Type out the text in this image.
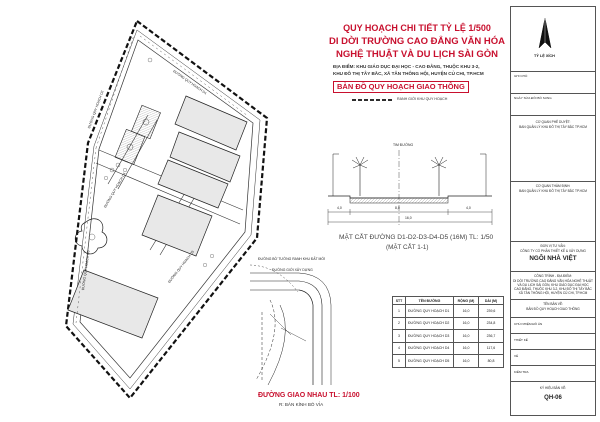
ĐƯỜNG QUY HOẠCH D1
ĐƯỜNG QUY HOẠCH D2
ĐƯỜNG QUY HOẠCH D3
ĐƯỜNG QUY HOẠCH D4
ĐƯỜNG QUY HOẠCH D5
QUY HOẠCH CHI TIẾT TỶ LỆ 1/500
DI DỜI TRƯỜNG CAO ĐẲNG VĂN HÓA
NGHỆ THUẬT VÀ DU LỊCH SÀI GÒN
ĐỊA ĐIỂM: KHU GIÁO DỤC ĐẠI HỌC - CAO ĐẲNG, THUỘC KHU 3-2,
KHU ĐÔ THỊ TÂY BẮC, XÃ TÂN THÔNG HỘI, HUYỆN CỦ CHI, TP.HCM
BẢN ĐỒ QUY HOẠCH GIAO THÔNG
RANH GIỚI KHU QUY HOẠCH
TIM ĐƯỜNG
4,0	8,0	4,0
16,0
MẶT CẮT ĐƯỜNG D1-D2-D3-D4-D5 (16M) TL: 1/50
(MẶT CẮT 1-1)
ĐƯỜNG BỜ TƯỜNG RANH KHU ĐẤT MỚI
ĐƯỜNG GIỚI XÂY DỰNG
ĐƯỜNG GIAO NHAU TL: 1/100
R: BÁN KÍNH BÓ VỈA
STT	TÊN ĐƯỜNG	RỘNG (M)	DÀI (M)
1	ĐƯỜNG QUY HOẠCH D1	16,0	239,6
2	ĐƯỜNG QUY HOẠCH D2	16,0	234,8
3	ĐƯỜNG QUY HOẠCH D3	16,0	236,7
4	ĐƯỜNG QUY HOẠCH D4	16,0	117,6
5	ĐƯỜNG QUY HOẠCH D5	16,0	80,8
TỶ LỆ XÍCH
GHI CHÚ:
NGÀY SỬA ĐỔI BỔ SUNG
CƠ QUAN PHÊ DUYỆT:
BAN QUẢN LÝ KHU ĐÔ THỊ TÂY BẮC TP.HCM
CƠ QUAN THẨM ĐỊNH:
BAN QUẢN LÝ KHU ĐÔ THỊ TÂY BẮC TP.HCM
ĐƠN VỊ TƯ VẤN:
CÔNG TY CỔ PHẦN THIẾT KẾ & XÂY DỰNG
NGÔI NHÀ VIỆT
CÔNG TRÌNH - ĐỊA ĐIỂM:
DI DỜI TRƯỜNG CAO ĐẲNG VĂN HÓA NGHỆ THUẬT
VÀ DU LỊCH SÀI GÒN, KHU GIÁO DỤC ĐẠI HỌC
CAO ĐẲNG, THUỘC KHU 3-2, KHU ĐÔ THỊ TÂY BẮC
XÃ TÂN THÔNG HỘI, HUYỆN CỦ CHI, TP.HCM
TÊN BẢN VẼ:
BẢN ĐỒ QUY HOẠCH GIAO THÔNG
CHỦ NHIỆM ĐỒ ÁN
THIẾT KẾ
VẼ
KIỂM TRA
KÝ HIỆU BẢN VẼ:
QH-06
